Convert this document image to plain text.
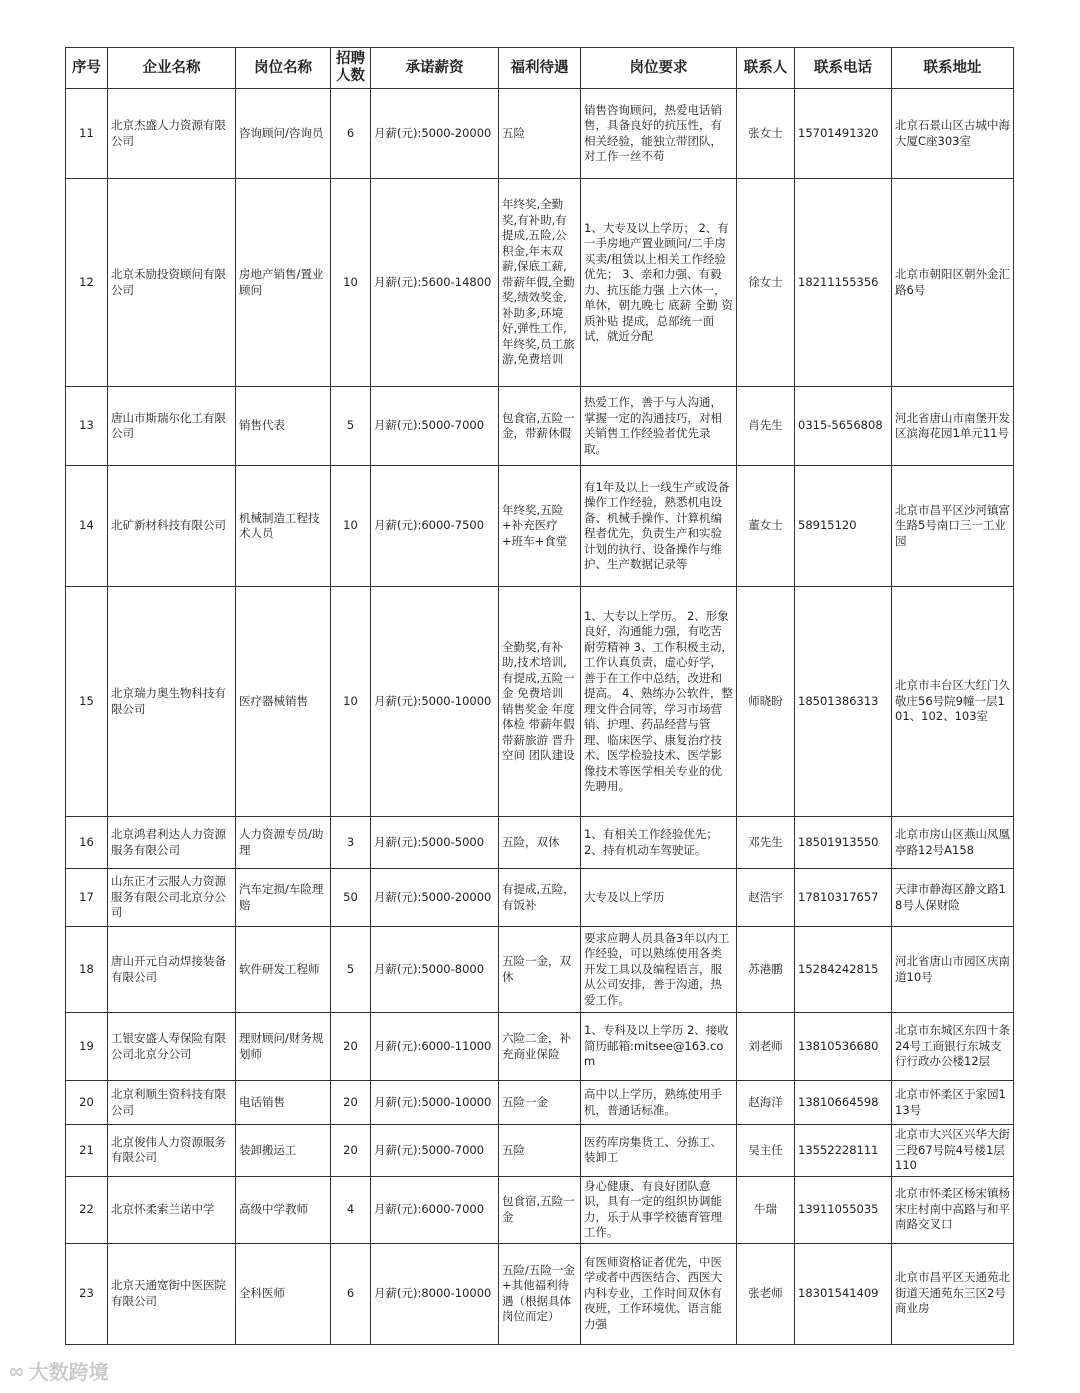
序号	企业名称	岗位名称	招聘人数	承诺薪资	福利待遇	岗位要求	联系人	联系电话	联系地址
11	北京杰盛人力资源有限公司	咨询顾问/咨询员	6	月薪(元):5000-20000	五险	销售咨询顾问，热爱电话销售，具备良好的抗压性，有相关经验，能独立带团队，对工作一丝不苟	张女士	15701491320	北京石景山区古城中海大厦C座303室
12	北京禾励投资顾问有限公司	房地产销售/置业顾问	10	月薪(元):5600-14800	年终奖,全勤奖,有补助,有提成,五险,公积金,年末双薪,保底工薪,带薪年假,全勤奖,绩效奖金,补助多,环境好,弹性工作,年终奖,员工旅游,免费培训	1、大专及以上学历； 2、有一手房地产置业顾问/二手房买卖/租赁以上相关工作经验优先； 3、亲和力强、有毅力、抗压能力强 上六休一，单休，朝九晚七 底薪 全勤 资质补贴 提成，总部统一面试，就近分配	徐女士	18211155356	北京市朝阳区朝外金汇路6号
13	唐山市斯瑞尔化工有限公司	销售代表	5	月薪(元):5000-7000	包食宿,五险一金，带薪休假	热爱工作，善于与人沟通，掌握一定的沟通技巧，对相关销售工作经验者优先录取。	肖先生	0315-5656808	河北省唐山市南堡开发区滨海花园1单元11号
14	北矿新材科技有限公司	机械制造工程技术人员	10	月薪(元):6000-7500	年终奖,五险+补充医疗+班车+食堂	有1年及以上一线生产或设备操作工作经验，熟悉机电设备、机械手操作、计算机编程者优先，负责生产和实验计划的执行、设备操作与维护、生产数据记录等	董女士	58915120	北京市昌平区沙河镇富生路5号南口三一工业园
15	北京瑞力奥生物科技有限公司	医疗器械销售	10	月薪(元):5000-10000	全勤奖,有补助,技术培训,有提成,五险一金 免费培训 销售奖金 年度体检 带薪年假 带薪旅游 晋升空间 团队建设	1、大专以上学历。 2、形象良好，沟通能力强，有吃苦耐劳精神 3、工作积极主动，工作认真负责，虚心好学，善于在工作中总结，改进和提高。 4、熟练办公软件，整理文件合同等，学习市场营销、护理、药品经营与管理、临床医学、康复治疗技术、医学检验技术、医学影像技术等医学相关专业的优先聘用。	师晓盼	18501386313	北京市丰台区大红门久敬庄56号院9幢一层101、102、103室
16	北京鸿君利达人力资源服务有限公司	人力资源专员/助理	3	月薪(元):5000-5000	五险，双休	1、有相关工作经验优先； 2、持有机动车驾驶证。	邓先生	18501913550	北京市房山区燕山凤凰亭路12号A158
17	山东正才云服人力资源服务有限公司北京分公司	汽车定损/车险理赔	50	月薪(元):5000-20000	有提成,五险，有饭补	大专及以上学历	赵浩宇	17810317657	天津市静海区静文路18号人保财险
18	唐山开元自动焊接装备有限公司	软件研发工程师	5	月薪(元):5000-8000	五险一金，双休	要求应聘人员具备3年以内工作经验，可以熟练使用各类开发工具以及编程语言，服从公司安排，善于沟通，热爱工作。	苏港鹏	15284242815	河北省唐山市园区庆南道10号
19	工银安盛人寿保险有限公司北京分公司	理财顾问/财务规划师	20	月薪(元):6000-11000	六险二金，补充商业保险	1、专科及以上学历 2、接收简历邮箱:mitsee@163.com	刘老师	13810536680	北京市东城区东四十条24号工商银行东城支行行政办公楼12层
20	北京利顺生资科技有限公司	电话销售	20	月薪(元):5000-10000	五险一金	高中以上学历，熟练使用手机，普通话标准。	赵海洋	13810664598	北京市怀柔区于家园113号
21	北京俊伟人力资源服务有限公司	装卸搬运工	20	月薪(元):5000-7000	五险	医药库房集货工、分拣工、装卸工	吴主任	13552228111	北京市大兴区兴华大街三段67号院4号楼1层110
22	北京怀柔索兰诺中学	高级中学教师	4	月薪(元):6000-7000	包食宿,五险一金	身心健康、有良好团队意识，具有一定的组织协调能力，乐于从事学校德育管理工作。	牛瑞	13911055035	北京市怀柔区杨宋镇杨宋庄村南中高路与和平南路交叉口
23	北京天通宽街中医医院有限公司	全科医师	6	月薪(元):8000-10000	五险/五险一金+其他福利待遇（根据具体岗位而定）	有医师资格证者优先，中医学或者中西医结合、西医大内科专业，工作时间双休有夜班，工作环境优、语言能力强	张老师	18301541409	北京市昌平区天通苑北街道天通苑东三区2号商业房
∞ 大数跨境
